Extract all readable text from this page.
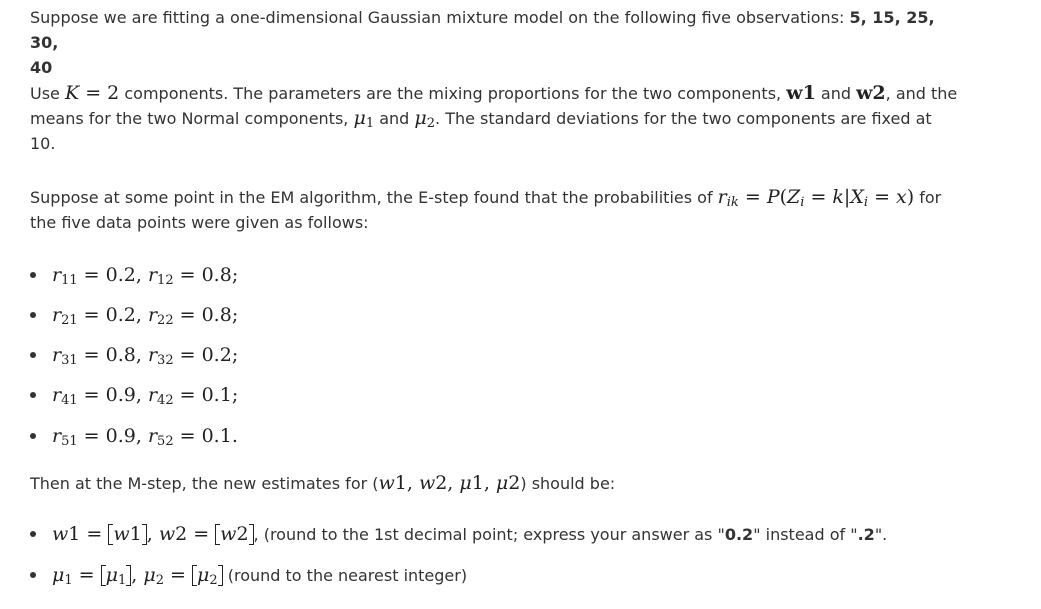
Suppose we are fitting a one-dimensional Gaussian mixture model on the following five observations: 5, 15, 25, 30,
40

Use K = 2 components. The parameters are the mixing proportions for the two components, w1 and w2, and the
means for the two Normal components, $\mu_1$ and $\mu_2$. The standard deviations for the two components are fixed at
10.

Suppose at some point in the EM algorithm, the E-step found that the probabilities of $r_{ik} = P(Z_i = k|X_i = x)$ for
the five data points were given as follows:

$r_{11} = 0.2$, $r_{12} = 0.8$;
$r_{21} = 0.2$, $r_{22} = 0.8$;
$r_{31} = 0.8$, $r_{32} = 0.2$;
$r_{41} = 0.9$, $r_{42} = 0.1$;
$r_{51} = 0.9$, $r_{52} = 0.1$.

Then at the M-step, the new estimates for (w1, w2, μ1, μ2) should be:

w1 = w1 , w2 = w2 , (round to the 1st decimal point; express your answer as "0.2" instead of ".2".
$\mu_1 = \mu_1$ , $\mu_2 = \mu_2$ (round to the nearest integer)
